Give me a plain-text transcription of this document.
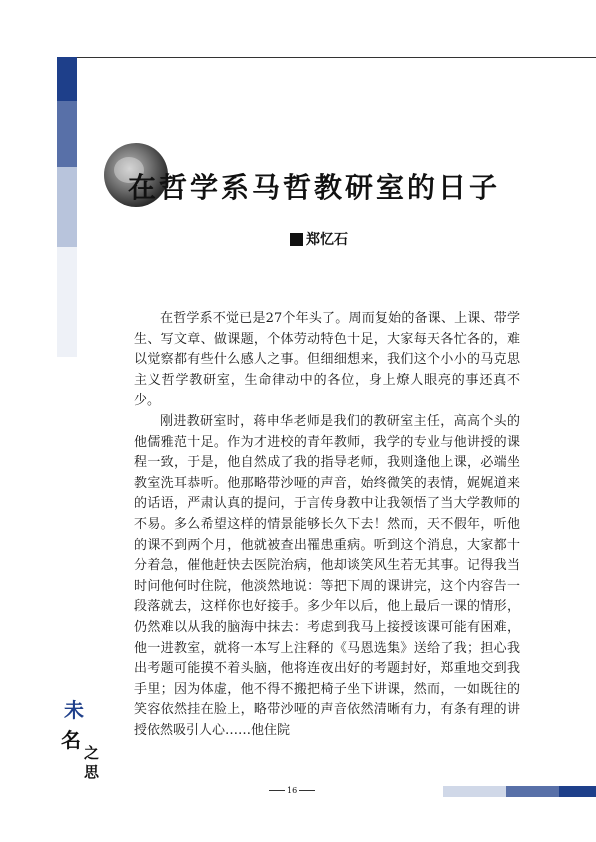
在哲学系马哲教研室的日子
郑忆石

在哲学系不觉已是27个年头了。周而复始的备课、上课、带学生、写文章、做课题，个体劳动特色十足，大家每天各忙各的，难以觉察都有些什么感人之事。但细细想来，我们这个小小的马克思主义哲学教研室，生命律动中的各位，身上燎人眼亮的事还真不少。

刚进教研室时，蒋申华老师是我们的教研室主任，高高个头的他儒雅范十足。作为才进校的青年教师，我学的专业与他讲授的课程一致，于是，他自然成了我的指导老师，我则逢他上课，必端坐教室洗耳恭听。他那略带沙哑的声音，始终微笑的表情，娓娓道来的话语，严肃认真的提问，于言传身教中让我领悟了当大学教师的不易。多么希望这样的情景能够长久下去！然而，天不假年，听他的课不到两个月，他就被查出罹患重病。听到这个消息，大家都十分着急，催他赶快去医院治病，他却谈笑风生若无其事。记得我当时问他何时住院，他淡然地说：等把下周的课讲完，这个内容告一段落就去，这样你也好接手。多少年以后，他上最后一课的情形，仍然难以从我的脑海中抹去：考虑到我马上接授该课可能有困难，他一进教室，就将一本写上注释的《马恩选集》送给了我；担心我出考题可能摸不着头脑，他将连夜出好的考题封好，郑重地交到我手里；因为体虚，他不得不搬把椅子坐下讲课，然而，一如既往的笑容依然挂在脸上，略带沙哑的声音依然清晰有力，有条有理的讲授依然吸引人心……他住院

未
名
之思
16
